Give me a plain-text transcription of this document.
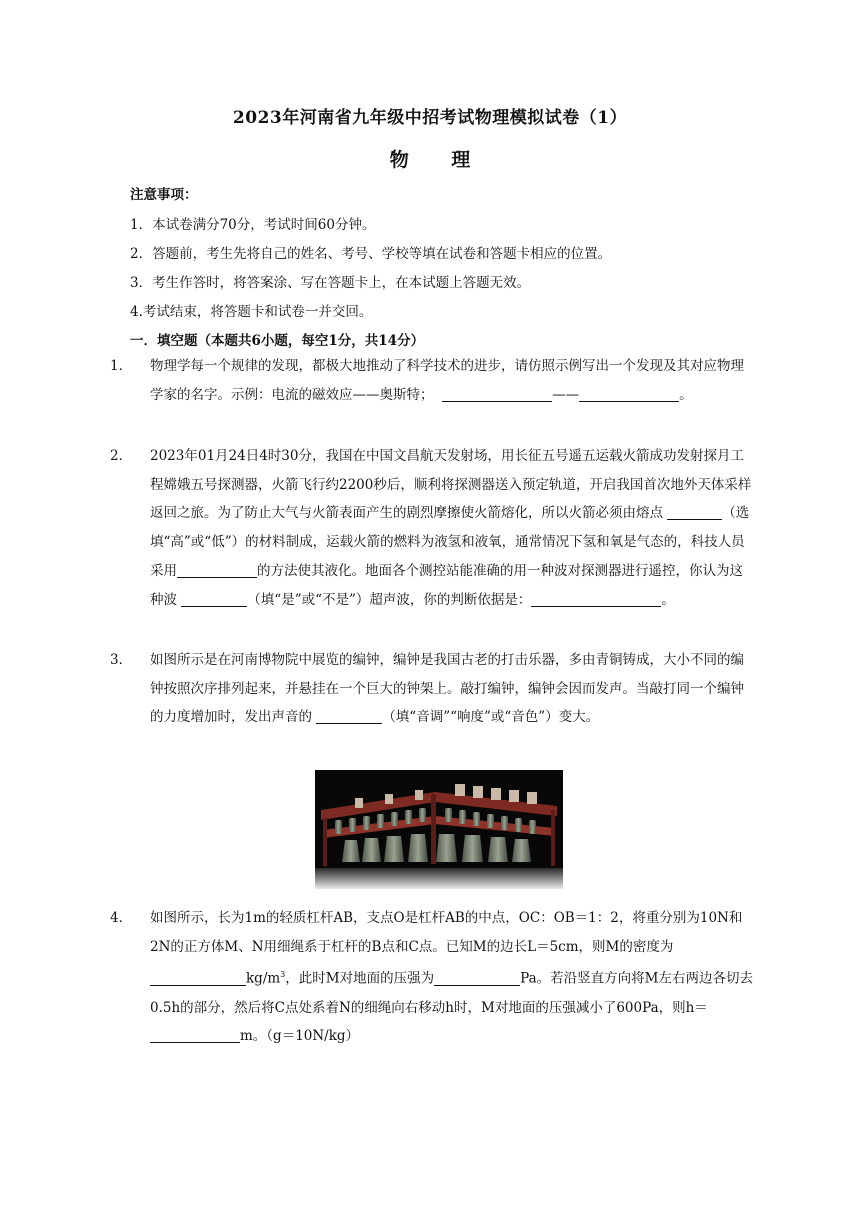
2023年河南省九年级中招考试物理模拟试卷（1）
物 理
注意事项：
1．本试卷满分70分，考试时间60分钟。
2．答题前，考生先将自己的姓名、考号、学校等填在试卷和答题卡相应的位置。
3．考生作答时，将答案涂、写在答题卡上，在本试题上答题无效。
4.考试结束，将答题卡和试卷一并交回。
一．填空题（本题共6小题，每空1分，共14分）
1． 物理学每一个规律的发现，都极大地推动了科学技术的进步，请仿照示例写出一个发现及其对应物理学家的名字。示例：电流的磁效应——奥斯特；	——	。
2． 2023年01月24日4时30分，我国在中国文昌航天发射场，用长征五号遥五运载火箭成功发射探月工程嫦娥五号探测器，火箭飞行约2200秒后，顺利将探测器送入预定轨道，开启我国首次地外天体采样返回之旅。为了防止大气与火箭表面产生的剧烈摩擦使火箭熔化，所以火箭必须由熔点	（选填“高”或“低”）的材料制成，运载火箭的燃料为液氢和液氧，通常情况下氢和氧是气态的，科技人员采用	的方法使其液化。地面各个测控站能准确的用一种波对探测器进行遥控，你认为这种波	（填“是”或“不是”）超声波，你的判断依据是：	。
3． 如图所示是在河南博物院中展览的编钟，编钟是我国古老的打击乐器，多由青铜铸成，大小不同的编钟按照次序排列起来，并悬挂在一个巨大的钟架上。敲打编钟，编钟会因而发声。当敲打同一个编钟的力度增加时，发出声音的	（填“音调”“响度”或“音色”）变大。
4． 如图所示，长为1m的轻质杠杆AB，支点O是杠杆AB的中点，OC：OB＝1：2，将重分别为10N和2N的正方体M、N用细绳系于杠杆的B点和C点。已知M的边长L＝5cm，则M的密度为$kg/m^3$，此时M对地面的压强为	Pa。若沿竖直方向将M左右两边各切去0.5h的部分，然后将C点处系着N的细绳向右移动h时，M对地面的压强减小了600Pa，则h＝m。（g＝10N/kg）
